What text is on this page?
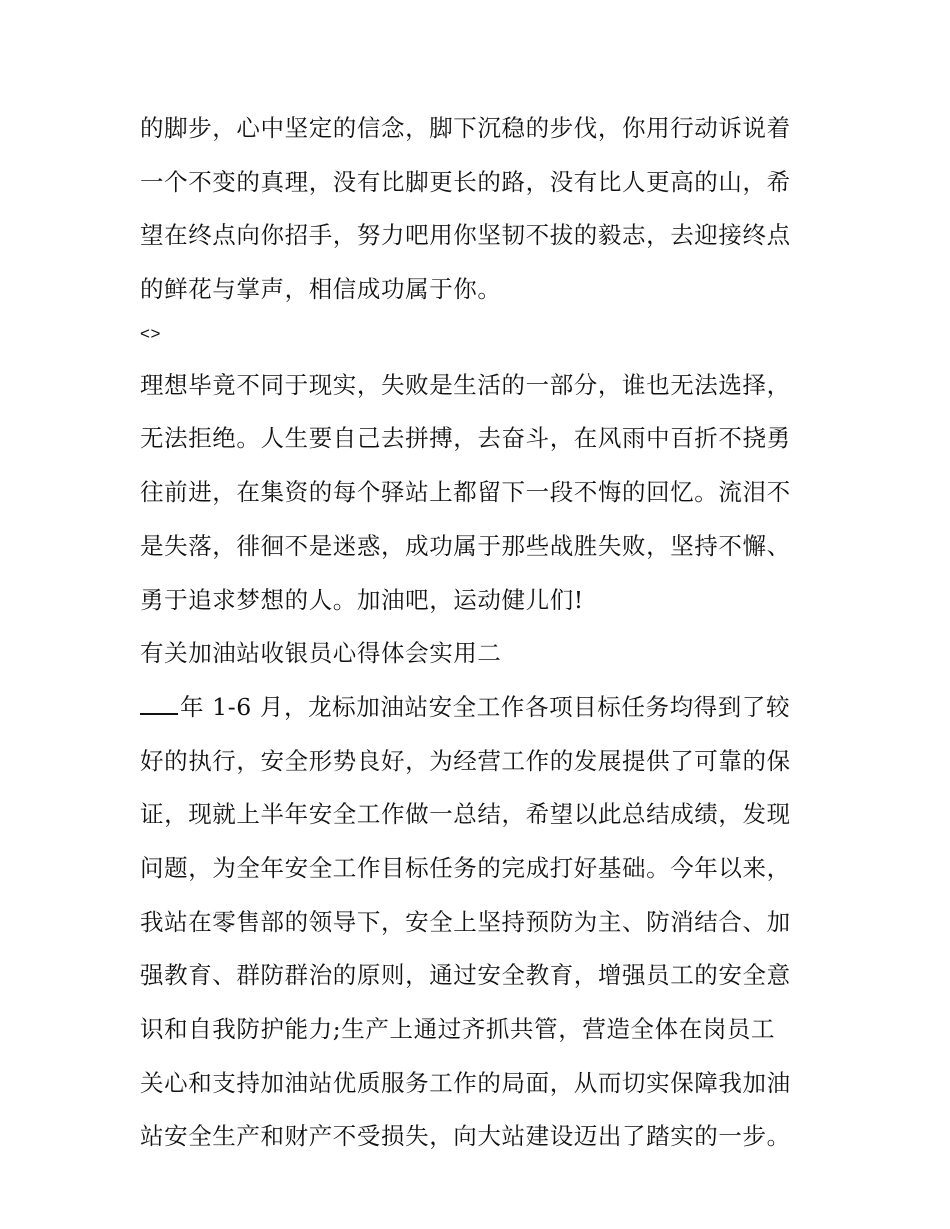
的脚步，心中坚定的信念，脚下沉稳的步伐，你用行动诉说着
一个不变的真理，没有比脚更长的路，没有比人更高的山，希
望在终点向你招手，努力吧用你坚韧不拔的毅志，去迎接终点
的鲜花与掌声，相信成功属于你。
<>
理想毕竟不同于现实，失败是生活的一部分，谁也无法选择，
无法拒绝。人生要自己去拼搏，去奋斗，在风雨中百折不挠勇
往前进，在集资的每个驿站上都留下一段不悔的回忆。流泪不
是失落，徘徊不是迷惑，成功属于那些战胜失败，坚持不懈、
勇于追求梦想的人。加油吧，运动健儿们!
有关加油站收银员心得体会实用二
年 1-6 月，龙标加油站安全工作各项目标任务均得到了较
好的执行，安全形势良好，为经营工作的发展提供了可靠的保
证，现就上半年安全工作做一总结，希望以此总结成绩，发现
问题，为全年安全工作目标任务的完成打好基础。今年以来，
我站在零售部的领导下，安全上坚持预防为主、防消结合、加
强教育、群防群治的原则，通过安全教育，增强员工的安全意
识和自我防护能力;生产上通过齐抓共管，营造全体在岗员工
关心和支持加油站优质服务工作的局面，从而切实保障我加油
站安全生产和财产不受损失，向大站建设迈出了踏实的一步。
